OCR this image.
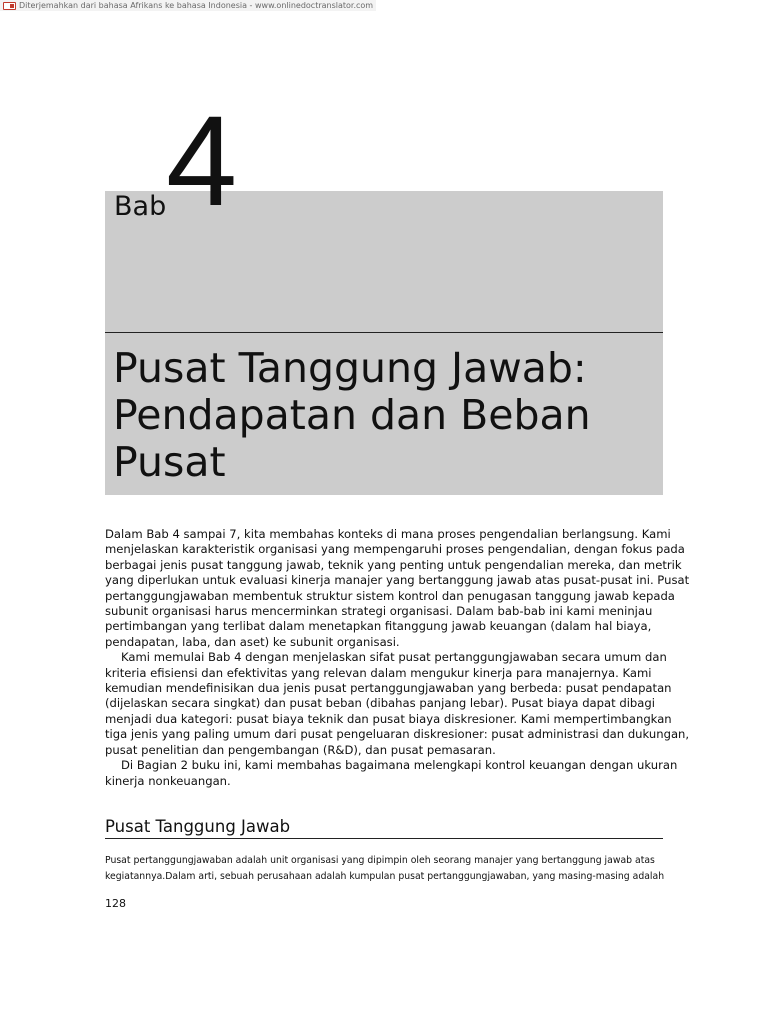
Diterjemahkan dari bahasa Afrikans ke bahasa Indonesia - www.onlinedoctranslator.com
Bab 4
Pusat Tanggung Jawab:
Pendapatan dan Beban
Pusat
Dalam Bab 4 sampai 7, kita membahas konteks di mana proses pengendalian berlangsung. Kami
menjelaskan karakteristik organisasi yang mempengaruhi proses pengendalian, dengan fokus pada
berbagai jenis pusat tanggung jawab, teknik yang penting untuk pengendalian mereka, dan metrik
yang diperlukan untuk evaluasi kinerja manajer yang bertanggung jawab atas pusat-pusat ini. Pusat
pertanggungjawaban membentuk struktur sistem kontrol dan penugasan tanggung jawab kepada
subunit organisasi harus mencerminkan strategi organisasi. Dalam bab-bab ini kami meninjau
pertimbangan yang terlibat dalam menetapkan fitanggung jawab keuangan (dalam hal biaya,
pendapatan, laba, dan aset) ke subunit organisasi.
Kami memulai Bab 4 dengan menjelaskan sifat pusat pertanggungjawaban secara umum dan
kriteria efisiensi dan efektivitas yang relevan dalam mengukur kinerja para manajernya. Kami
kemudian mendefinisikan dua jenis pusat pertanggungjawaban yang berbeda: pusat pendapatan
(dijelaskan secara singkat) dan pusat beban (dibahas panjang lebar). Pusat biaya dapat dibagi
menjadi dua kategori: pusat biaya teknik dan pusat biaya diskresioner. Kami mempertimbangkan
tiga jenis yang paling umum dari pusat pengeluaran diskresioner: pusat administrasi dan dukungan,
pusat penelitian dan pengembangan (R&D), dan pusat pemasaran.
Di Bagian 2 buku ini, kami membahas bagaimana melengkapi kontrol keuangan dengan ukuran
kinerja nonkeuangan.
Pusat Tanggung Jawab
Pusat pertanggungjawaban adalah unit organisasi yang dipimpin oleh seorang manajer yang bertanggung jawab atas
kegiatannya.Dalam arti, sebuah perusahaan adalah kumpulan pusat pertanggungjawaban, yang masing-masing adalah
128
